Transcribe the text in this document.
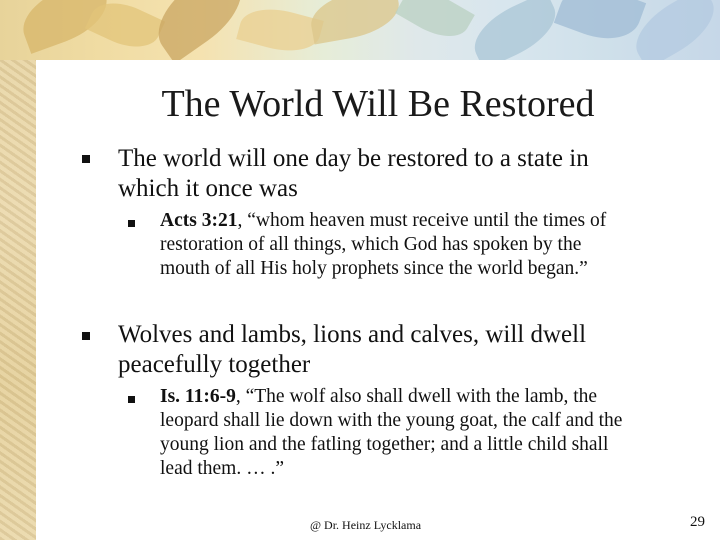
The World Will Be Restored
The world will one day be restored to a state in which it once was
Acts 3:21, “whom heaven must receive until the times of restoration of all things, which God has spoken by the mouth of all His holy prophets since the world began.”
Wolves and lambs, lions and calves, will dwell peacefully together
Is. 11:6-9, “The wolf also shall dwell with the lamb, the leopard shall lie down with the young goat, the calf and the young lion and the fatling together; and a little child shall lead them. … .”
@ Dr. Heinz Lycklama	29
